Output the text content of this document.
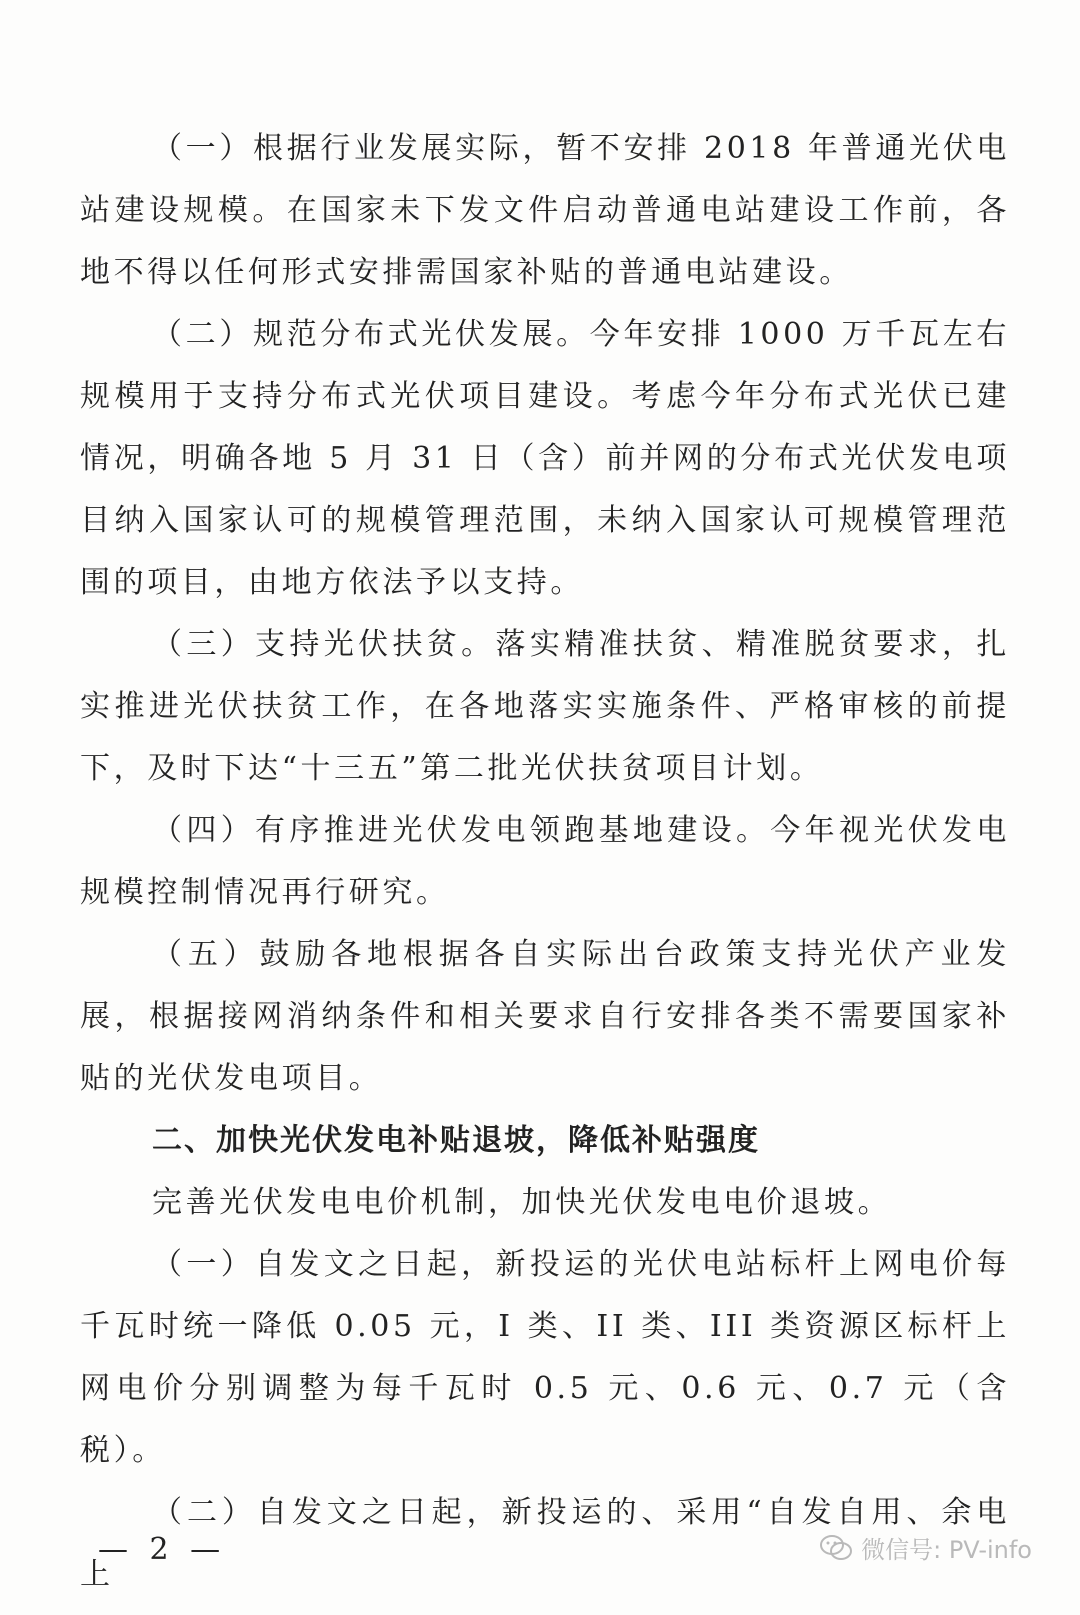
（一）根据行业发展实际，暂不安排 2018 年普通光伏电站建设规模。在国家未下发文件启动普通电站建设工作前，各地不得以任何形式安排需国家补贴的普通电站建设。

（二）规范分布式光伏发展。今年安排 1000 万千瓦左右规模用于支持分布式光伏项目建设。考虑今年分布式光伏已建情况，明确各地 5 月 31 日（含）前并网的分布式光伏发电项目纳入国家认可的规模管理范围，未纳入国家认可规模管理范围的项目，由地方依法予以支持。

（三）支持光伏扶贫。落实精准扶贫、精准脱贫要求，扎实推进光伏扶贫工作，在各地落实实施条件、严格审核的前提下，及时下达“十三五”第二批光伏扶贫项目计划。

（四）有序推进光伏发电领跑基地建设。今年视光伏发电规模控制情况再行研究。

（五）鼓励各地根据各自实际出台政策支持光伏产业发展，根据接网消纳条件和相关要求自行安排各类不需要国家补贴的光伏发电项目。

二、加快光伏发电补贴退坡，降低补贴强度

完善光伏发电电价机制，加快光伏发电电价退坡。

（一）自发文之日起，新投运的光伏电站标杆上网电价每千瓦时统一降低 0.05 元，I 类、II 类、III 类资源区标杆上网电价分别调整为每千瓦时 0.5 元、0.6 元、0.7 元（含税）。

（二）自发文之日起，新投运的、采用“自发自用、余电上

— 2 —	微信号: PV-info
